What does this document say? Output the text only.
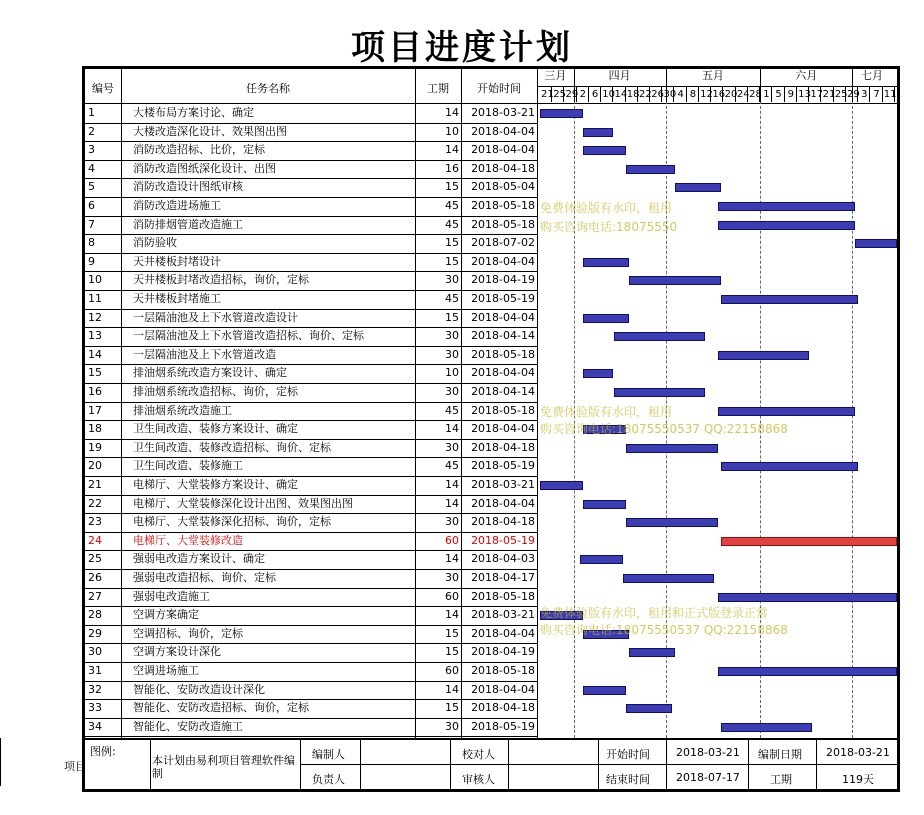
项目进度计划
项目
编号	任务名称	工期	开始时间
三月	四月	五月	六月	七月
21 25 29 2 6 10 14 18 22 26 30 4 8 12 16 20 24 28 1 5 9 13 17 21 25 29 3 7 11
1	大楼布局方案讨论、确定	14	2018-03-21
2	大楼改造深化设计、效果图出图	10	2018-04-04
3	消防改造招标、比价，定标	14	2018-04-04
4	消防改造图纸深化设计、出图	16	2018-04-18
5	消防改造设计图纸审核	15	2018-05-04
6	消防改造进场施工	45	2018-05-18
7	消防排烟管道改造施工	45	2018-05-18
8	消防验收	15	2018-07-02
9	天井楼板封堵设计	15	2018-04-04
10	天井楼板封堵改造招标，询价，定标	30	2018-04-19
11	天井楼板封堵施工	45	2018-05-19
12	一层隔油池及上下水管道改造设计	15	2018-04-04
13	一层隔油池及上下水管道改造招标、询价、定标	30	2018-04-14
14	一层隔油池及上下水管道改造	30	2018-05-18
15	排油烟系统改造方案设计、确定	10	2018-04-04
16	排油烟系统改造招标、询价，定标	30	2018-04-14
17	排油烟系统改造施工	45	2018-05-18
18	卫生间改造、装修方案设计、确定	14	2018-04-04
19	卫生间改造、装修改造招标、询价、定标	30	2018-04-18
20	卫生间改造、装修施工	45	2018-05-19
21	电梯厅、大堂装修方案设计、确定	14	2018-03-21
22	电梯厅、大堂装修深化设计出图、效果图出图	14	2018-04-04
23	电梯厅、大堂装修深化招标、询价，定标	30	2018-04-18
24	电梯厅、大堂装修改造	60	2018-05-19
25	强弱电改造方案设计、确定	14	2018-04-03
26	强弱电改造招标、询价、定标	30	2018-04-17
27	强弱电改造施工	60	2018-05-18
28	空调方案确定	14	2018-03-21
29	空调招标、询价，定标	15	2018-04-04
30	空调方案设计深化	15	2018-04-19
31	空调进场施工	60	2018-05-18
32	智能化、安防改造设计深化	14	2018-04-04
33	智能化、安防改造招标、询价，定标	15	2018-04-18
34	智能化、安防改造施工	30	2018-05-19
免费体验版有水印，租用
购买咨询电话:18075550
免费体验版有水印，租用
购买咨询电话:18075550537 QQ:22158868
免费体验版有水印，租用和正式版登录正常
购买咨询电话:18075550537 QQ:22158868
图例:
本计划由易利项目管理软件编制
编制人	校对人	开始时间 2018-03-21 编制日期 2018-03-21
负责人	审核人	结束时间 2018-07-17	工期	119天
